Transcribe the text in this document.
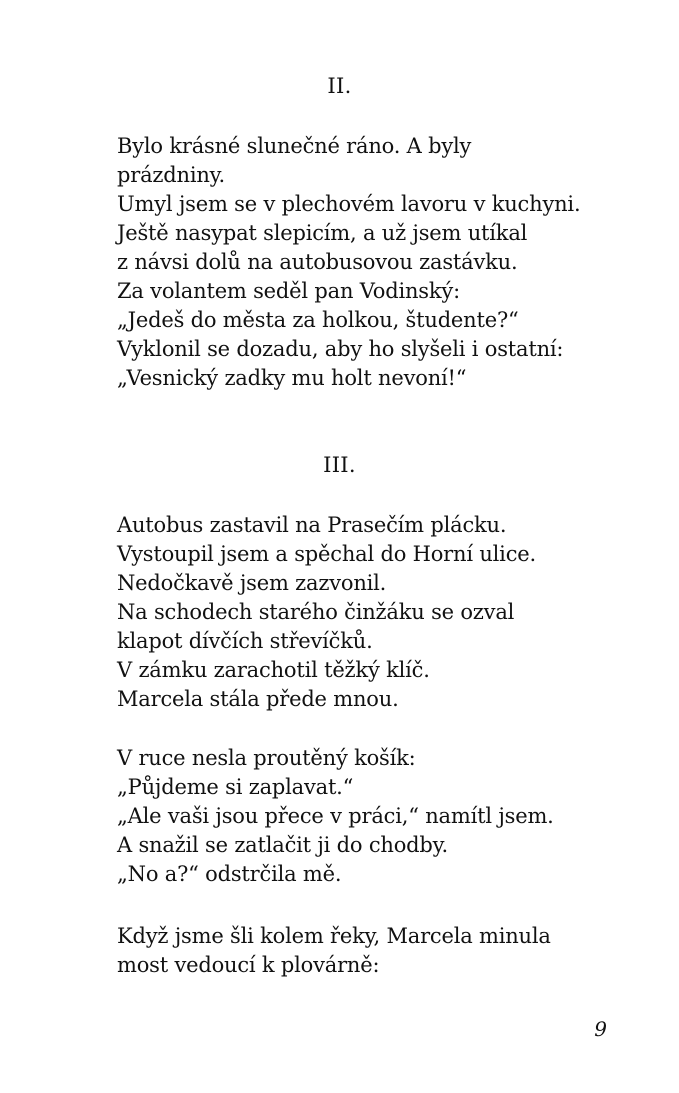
II.
Bylo krásné slunečné ráno. A byly
prázdniny.
Umyl jsem se v plechovém lavoru v kuchyni.
Ještě nasypat slepicím, a už jsem utíkal
z návsi dolů na autobusovou zastávku.
Za volantem seděl pan Vodinský:
„Jedeš do města za holkou, študente?“
Vyklonil se dozadu, aby ho slyšeli i ostatní:
„Vesnický zadky mu holt nevoní!“
III.
Autobus zastavil na Prasečím plácku.
Vystoupil jsem a spěchal do Horní ulice.
Nedočkavě jsem zazvonil.
Na schodech starého činžáku se ozval
klapot dívčích střevíčků.
V zámku zarachotil těžký klíč.
Marcela stála přede mnou.
V ruce nesla proutěný košík:
„Půjdeme si zaplavat.“
„Ale vaši jsou přece v práci,“ namítl jsem.
A snažil se zatlačit ji do chodby.
„No a?“ odstrčila mě.
Když jsme šli kolem řeky, Marcela minula
most vedoucí k plovárně:
9
